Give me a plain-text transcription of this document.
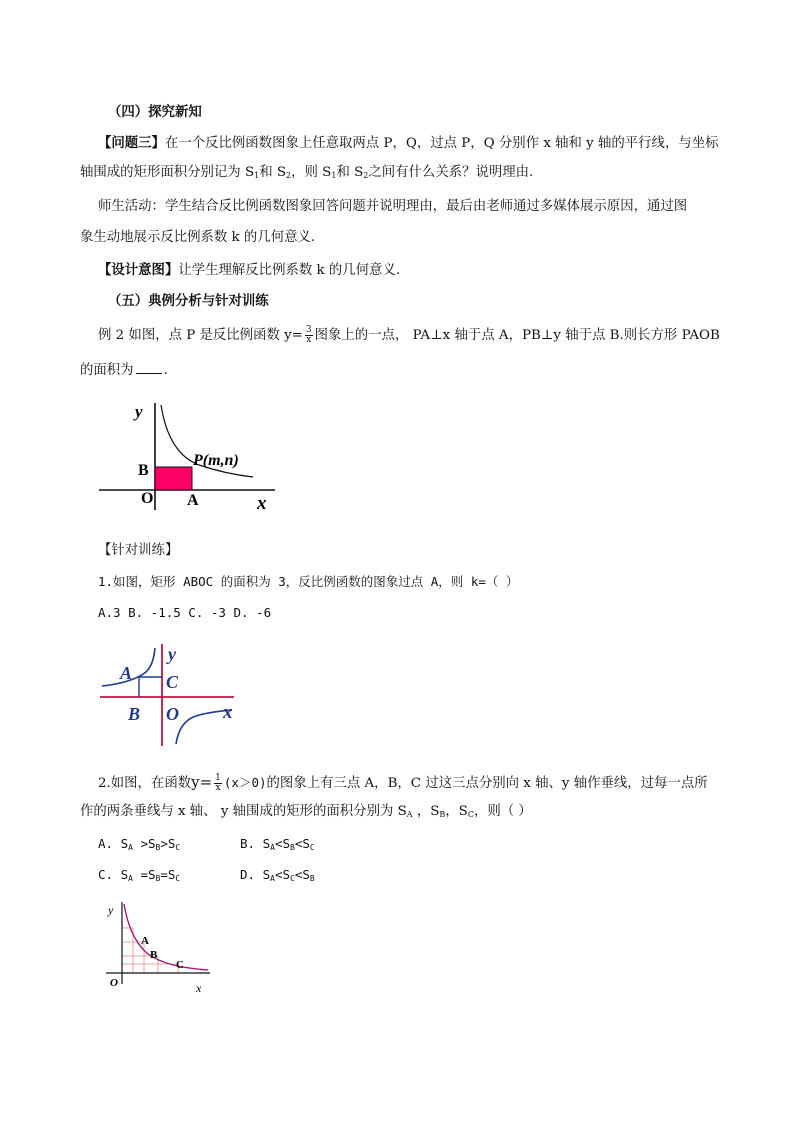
（四）探究新知
【问题三】在一个反比例函数图象上任意取两点 P，Q，过点 P，Q 分别作 x 轴和 y 轴的平行线，与坐标
轴围成的矩形面积分别记为 $S_1$和 $S_2$，则 $S_1$和 $S_2$之间有什么关系？说明理由.
师生活动：学生结合反比例函数图象回答问题并说明理由，最后由老师通过多媒体展示原因，通过图
象生动地展示反比例系数 k 的几何意义.
【设计意图】让学生理解反比例系数 k 的几何意义.
（五）典例分析与针对训练
例 2 如图，点 P 是反比例函数 $y= \frac{3}{x}$ 图象上的一点， PA⊥x 轴于点 A，PB⊥y 轴于点 B.则长方形 PAOB
的面积为 .
y
B
P(m,n)
O A	x
【针对训练】
1.如图，矩形 ABOC 的面积为 3，反比例函数的图象过点 A，则 k=（ ）
A.3 B. -1.5 C. -3 D. -6
A
y
C
B O x
2.如图，在函数$y= \frac{1}{x} (x>0)$的图象上有三点 A，B，C 过这三点分别向 x 轴、y 轴作垂线，过每一点所
作的两条垂线与 x 轴、 y 轴围成的矩形的面积分别为 $S_A$ ，$S_B$，$S_C$，则（ ）
A. $S_A >S_B>S_C$	B. $S_A<S_B<S_C$
C. $S_A =S_B=S_C$	D. $S_A<S_C<S_B$
y
A
B
C
O	x
